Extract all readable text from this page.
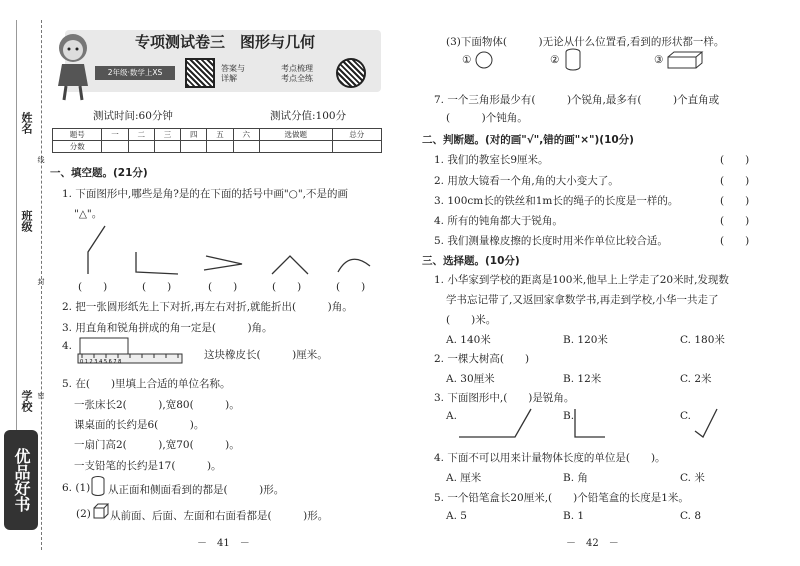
姓名
班级
学校
线
封
密
优品好书
专项测试卷三　图形与几何
2年级·数学上XS	答案与详解
考点梳理 考点全练
测试时间:60分钟	测试分值:100分
题号	一	二	三	四	五	六	选做题	总分
分数								
一、填空题。(21分)
1. 下面图形中,哪些是角?是的在下面的括号中画"○",不是的画
"△"。
(　　)	(　　)	(　　)	(　　)	(　　)
2. 把一张圆形纸先上下对折,再左右对折,就能折出(　　　)角。
3. 用直角和锐角拼成的角一定是(　　　)角。
4.
0 1 2 3 4 5 6 7 8
这块橡皮长(　　　)厘米。
5. 在(　　)里填上合适的单位名称。
一张床长2(　　　),宽80(　　　)。
课桌面的长约是6(　　　)。
一扇门高2(　　　),宽70(　　　)。
一支铅笔的长约是17(　　　)。
6. (1) 从正面和侧面看到的都是(　　　)形。
(2) 从前面、后面、左面和右面看都是(　　　)形。
－　41　－
(3)下面物体(　　　)无论从什么位置看,看到的形状都一样。
①	②	③
7. 一个三角形最少有(　　　)个锐角,最多有(　　　)个直角或
(　　　)个钝角。
二、判断题。(对的画"√",错的画"×")(10分)
1. 我们的教室长9厘米。	(　　)
2. 用放大镜看一个角,角的大小变大了。	(　　)
3. 100cm长的铁丝和1m长的绳子的长度是一样的。	(　　)
4. 所有的钝角都大于锐角。	(　　)
5. 我们测量橡皮擦的长度时用米作单位比较合适。	(　　)
三、选择题。(10分)
1. 小华家到学校的距离是100米,他早上上学走了20米时,发现数
学书忘记带了,又返回家拿数学书,再走到学校,小华一共走了
(　　)米。
A. 140米	B. 120米	C. 180米
2. 一棵大树高(　　)
A. 30厘米	B. 12米	C. 2米
3. 下面图形中,(　　)是锐角。
A.	B.	C.
4. 下面不可以用来计量物体长度的单位是(　　)。
A. 厘米	B. 角	C. 米
5. 一个铅笔盒长20厘米,(　　)个铅笔盒的长度是1米。
A. 5	B. 1	C. 8
－　42　－
